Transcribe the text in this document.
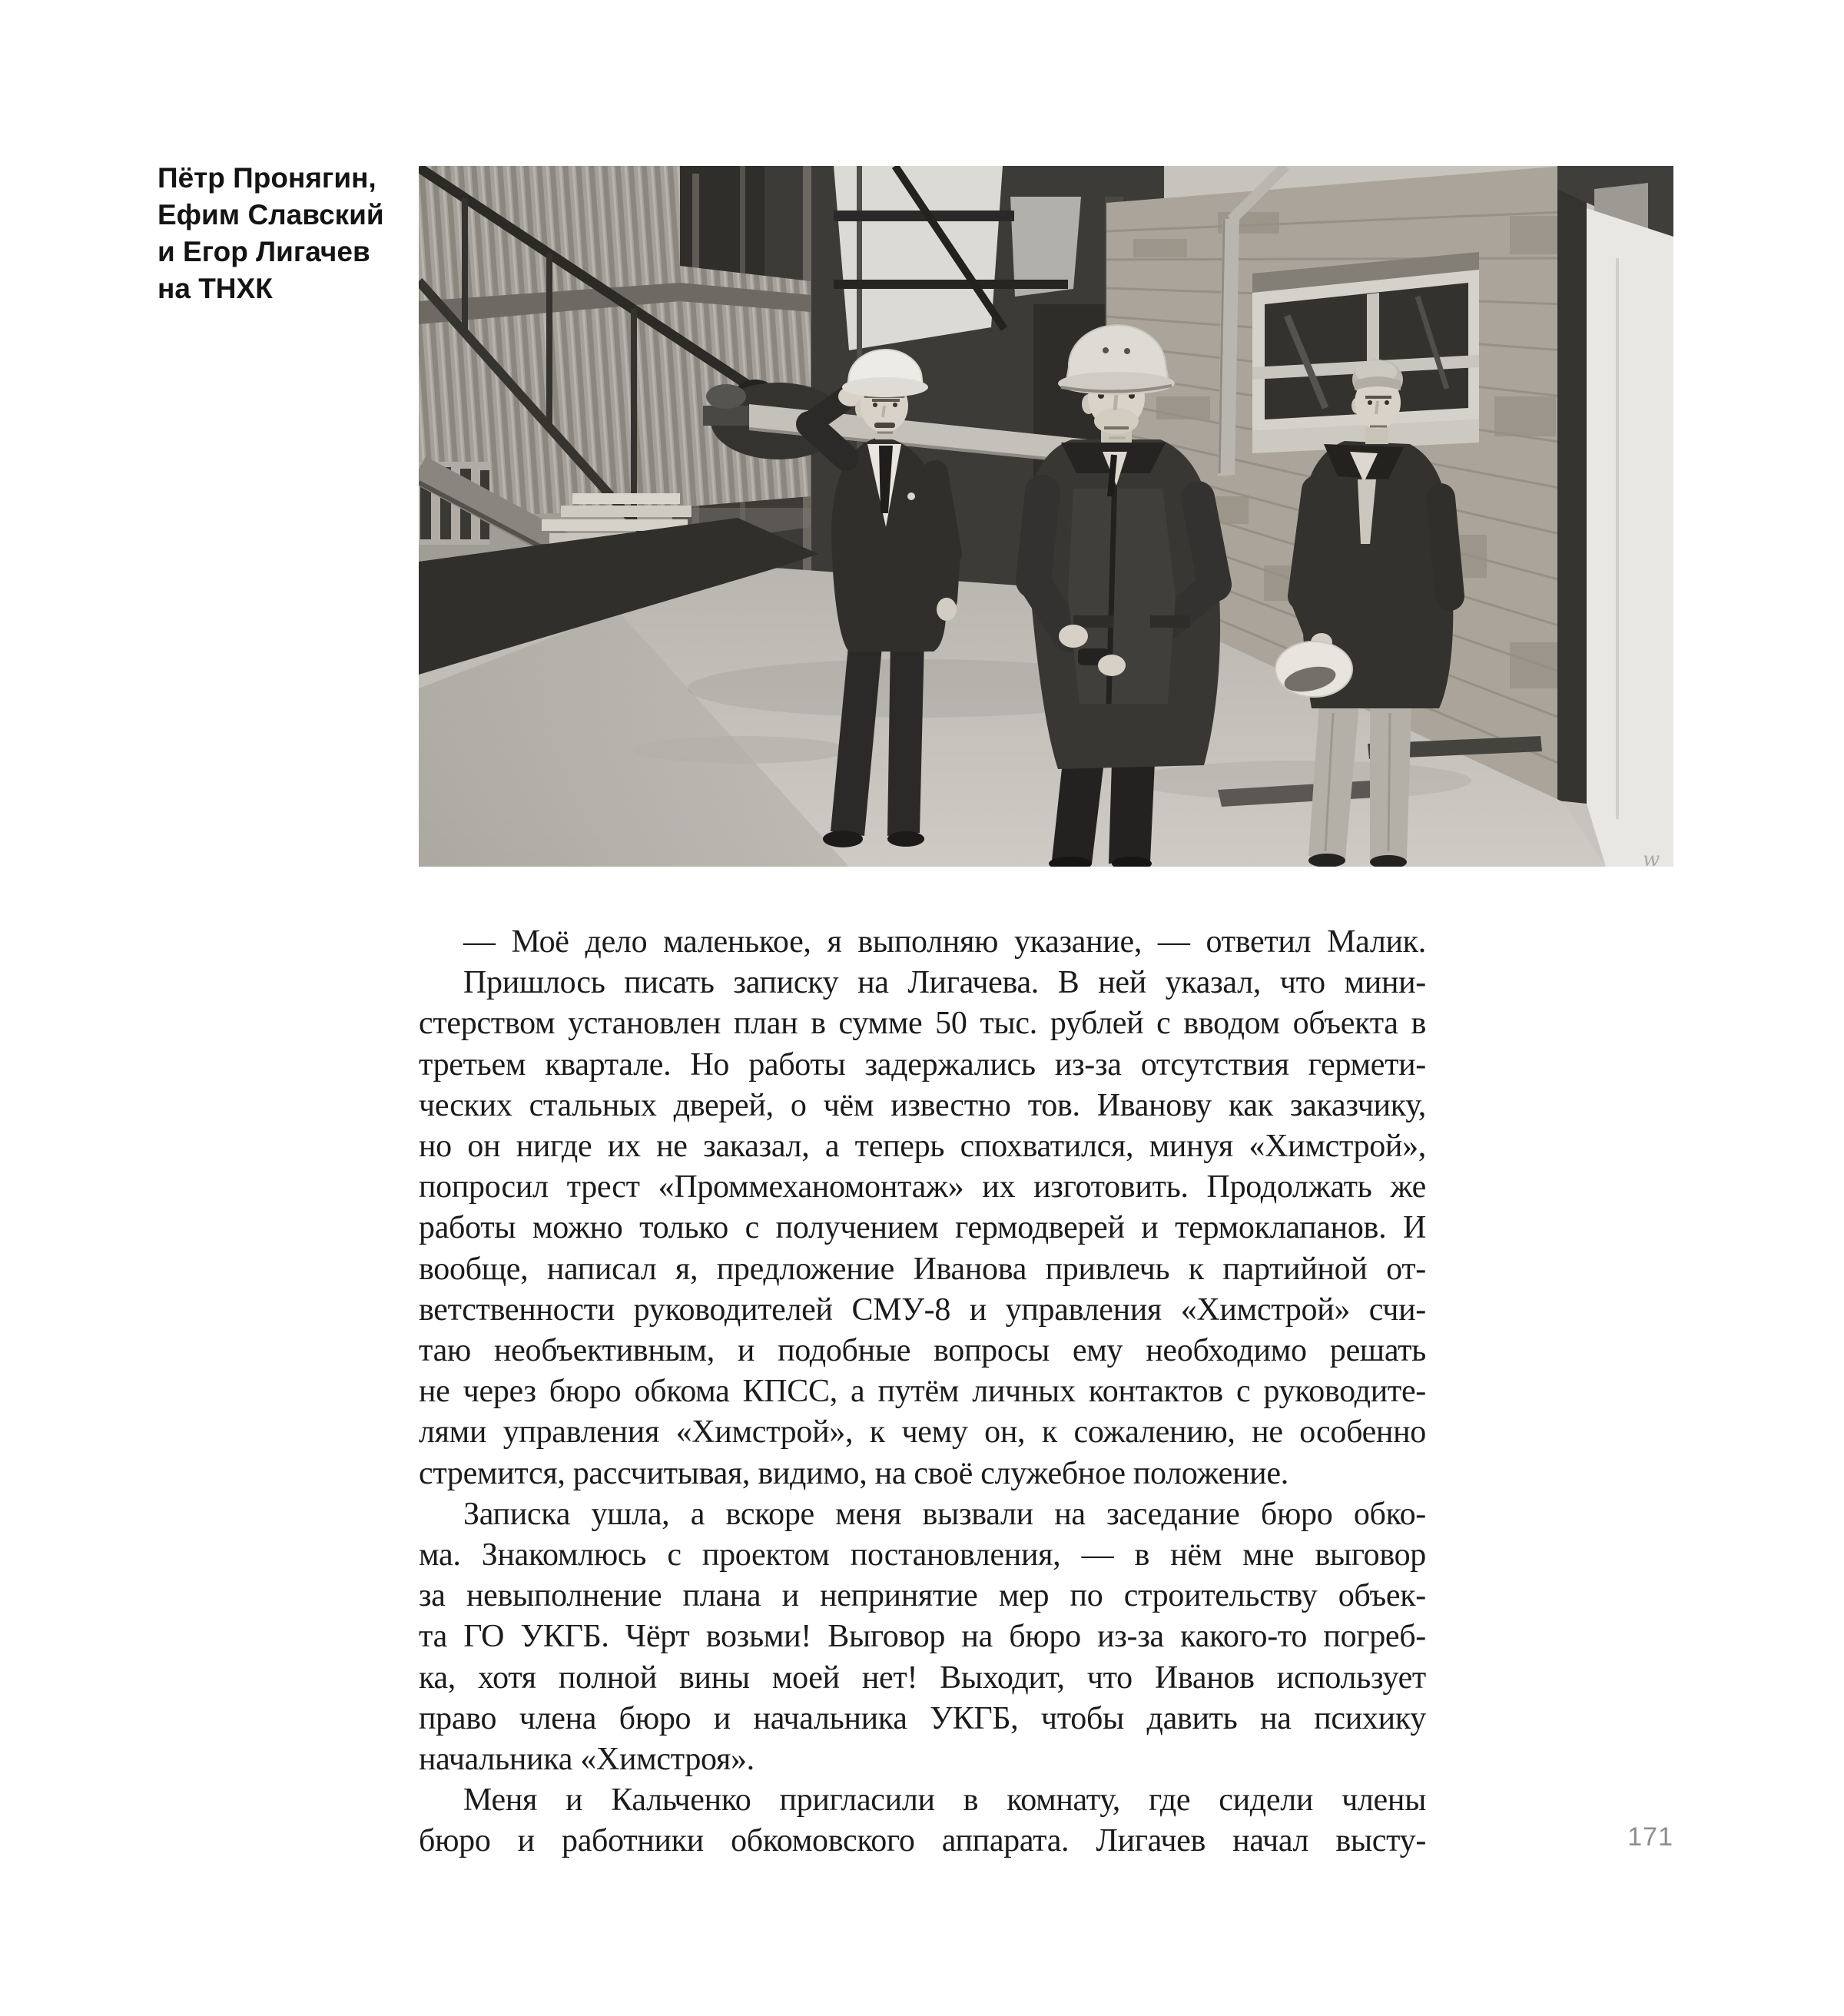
Пётр Пронягин,
Ефим Славский
и Егор Лигачев
на ТНХК
— Моё дело маленькое, я выполняю указание, — ответил Малик.
Пришлось писать записку на Лигачева. В ней указал, что мини-
стерством установлен план в сумме 50 тыс. рублей с вводом объекта в
третьем квартале. Но работы задержались из-за отсутствия гермети-
ческих стальных дверей, о чём известно тов. Иванову как заказчику,
но он нигде их не заказал, а теперь спохватился, минуя «Химстрой»,
попросил трест «Проммеханомонтаж» их изготовить. Продолжать же
работы можно только с получением гермодверей и термоклапанов. И
вообще, написал я, предложение Иванова привлечь к партийной от-
ветственности руководителей СМУ-8 и управления «Химстрой» счи-
таю необъективным, и подобные вопросы ему необходимо решать
не через бюро обкома КПСС, а путём личных контактов с руководите-
лями управления «Химстрой», к чему он, к сожалению, не особенно
стремится, рассчитывая, видимо, на своё служебное положение.
Записка ушла, а вскоре меня вызвали на заседание бюро обко-
ма. Знакомлюсь с проектом постановления, — в нём мне выговор
за невыполнение плана и непринятие мер по строительству объек-
та ГО УКГБ. Чёрт возьми! Выговор на бюро из-за какого-то погреб-
ка, хотя полной вины моей нет! Выходит, что Иванов использует
право члена бюро и начальника УКГБ, чтобы давить на психику
начальника «Химстроя».
Меня и Кальченко пригласили в комнату, где сидели члены
бюро и работники обкомовского аппарата. Лигачев начал высту-
w
171
